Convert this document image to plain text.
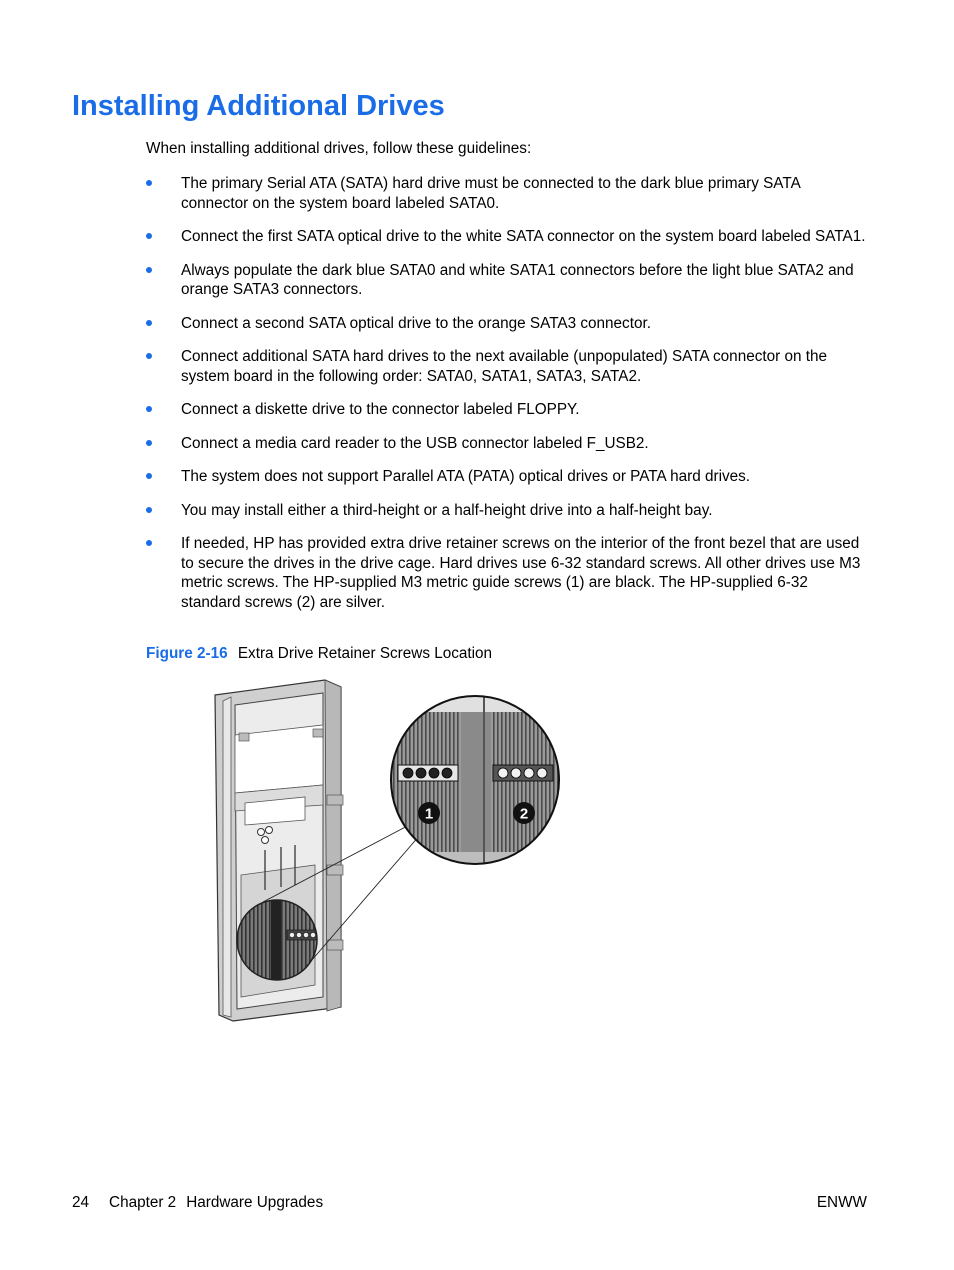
Installing Additional Drives
When installing additional drives, follow these guidelines:
The primary Serial ATA (SATA) hard drive must be connected to the dark blue primary SATA connector on the system board labeled SATA0.
Connect the first SATA optical drive to the white SATA connector on the system board labeled SATA1.
Always populate the dark blue SATA0 and white SATA1 connectors before the light blue SATA2 and orange SATA3 connectors.
Connect a second SATA optical drive to the orange SATA3 connector.
Connect additional SATA hard drives to the next available (unpopulated) SATA connector on the system board in the following order: SATA0, SATA1, SATA3, SATA2.
Connect a diskette drive to the connector labeled FLOPPY.
Connect a media card reader to the USB connector labeled F_USB2.
The system does not support Parallel ATA (PATA) optical drives or PATA hard drives.
You may install either a third-height or a half-height drive into a half-height bay.
If needed, HP has provided extra drive retainer screws on the interior of the front bezel that are used to secure the drives in the drive cage. Hard drives use 6-32 standard screws. All other drives use M3 metric screws. The HP-supplied M3 metric guide screws (1) are black. The HP-supplied 6-32 standard screws (2) are silver.
Figure 2-16 Extra Drive Retainer Screws Location
1	2
24 Chapter 2 Hardware Upgrades	ENWW
